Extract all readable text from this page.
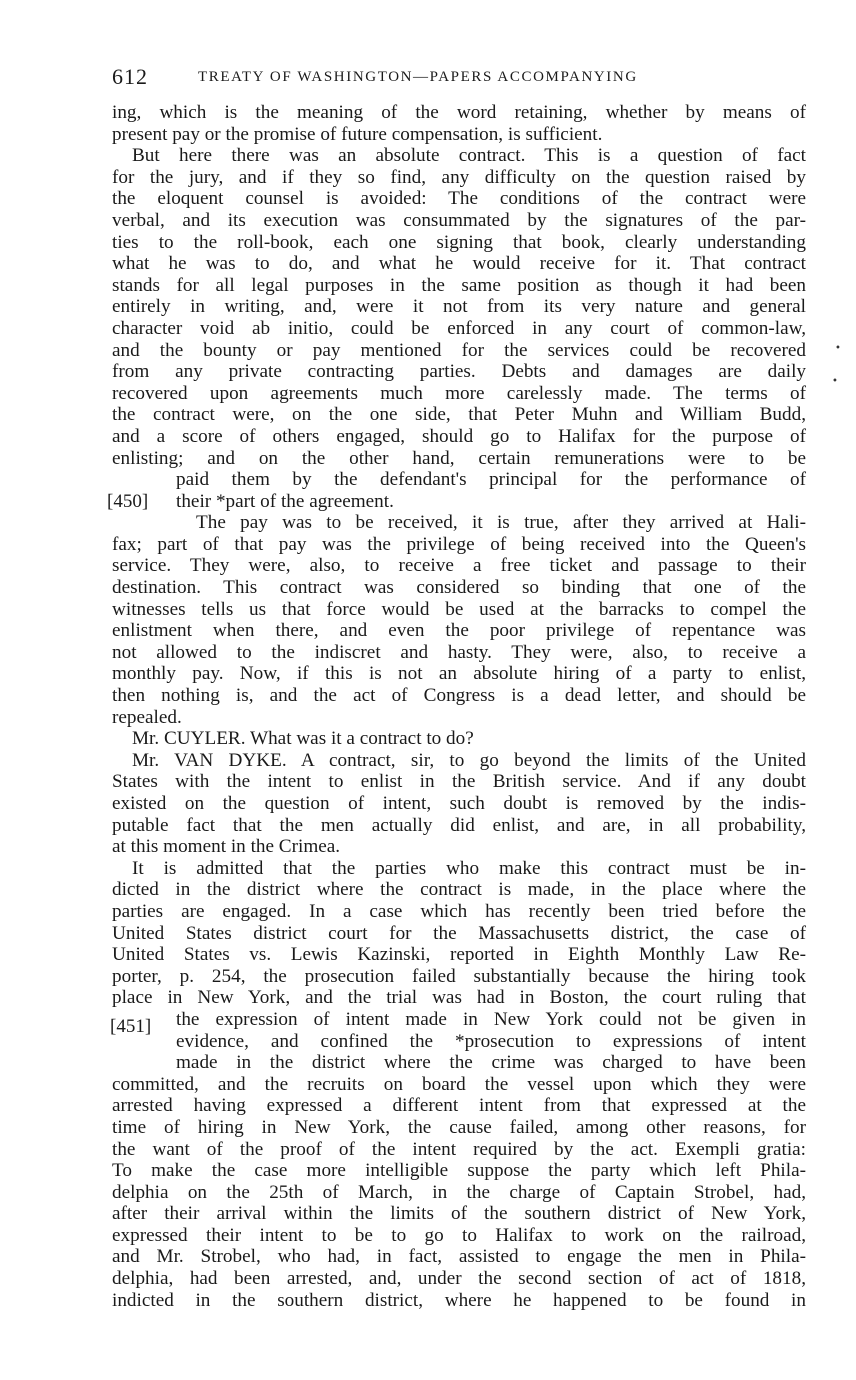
612	TREATY OF WASHINGTON—PAPERS ACCOMPANYING
[450]
[451]
•
•
ing, which is the meaning of the word retaining, whether by means of
present pay or the promise of future compensation, is sufficient.
But here there was an absolute contract. This is a question of fact
for the jury, and if they so find, any difficulty on the question raised by
the eloquent counsel is avoided: The conditions of the contract were
verbal, and its execution was consummated by the signatures of the par-
ties to the roll-book, each one signing that book, clearly understanding
what he was to do, and what he would receive for it. That contract
stands for all legal purposes in the same position as though it had been
entirely in writing, and, were it not from its very nature and general
character void ab initio, could be enforced in any court of common-law,
and the bounty or pay mentioned for the services could be recovered
from any private contracting parties. Debts and damages are daily
recovered upon agreements much more carelessly made. The terms of
the contract were, on the one side, that Peter Muhn and William Budd,
and a score of others engaged, should go to Halifax for the purpose of
enlisting; and on the other hand, certain remunerations were to be
paid them by the defendant's principal for the performance of
their *part of the agreement.
The pay was to be received, it is true, after they arrived at Hali-
fax; part of that pay was the privilege of being received into the Queen's
service. They were, also, to receive a free ticket and passage to their
destination. This contract was considered so binding that one of the
witnesses tells us that force would be used at the barracks to compel the
enlistment when there, and even the poor privilege of repentance was
not allowed to the indiscret and hasty. They were, also, to receive a
monthly pay. Now, if this is not an absolute hiring of a party to enlist,
then nothing is, and the act of Congress is a dead letter, and should be
repealed.
Mr. CUYLER. What was it a contract to do?
Mr. VAN DYKE. A contract, sir, to go beyond the limits of the United
States with the intent to enlist in the British service. And if any doubt
existed on the question of intent, such doubt is removed by the indis-
putable fact that the men actually did enlist, and are, in all probability,
at this moment in the Crimea.
It is admitted that the parties who make this contract must be in-
dicted in the district where the contract is made, in the place where the
parties are engaged. In a case which has recently been tried before the
United States district court for the Massachusetts district, the case of
United States vs. Lewis Kazinski, reported in Eighth Monthly Law Re-
porter, p. 254, the prosecution failed substantially because the hiring took
place in New York, and the trial was had in Boston, the court ruling that
the expression of intent made in New York could not be given in
evidence, and confined the *prosecution to expressions of intent
made in the district where the crime was charged to have been
committed, and the recruits on board the vessel upon which they were
arrested having expressed a different intent from that expressed at the
time of hiring in New York, the cause failed, among other reasons, for
the want of the proof of the intent required by the act. Exempli gratia:
To make the case more intelligible suppose the party which left Phila-
delphia on the 25th of March, in the charge of Captain Strobel, had,
after their arrival within the limits of the southern district of New York,
expressed their intent to be to go to Halifax to work on the railroad,
and Mr. Strobel, who had, in fact, assisted to engage the men in Phila-
delphia, had been arrested, and, under the second section of act of 1818,
indicted in the southern district, where he happened to be found in
